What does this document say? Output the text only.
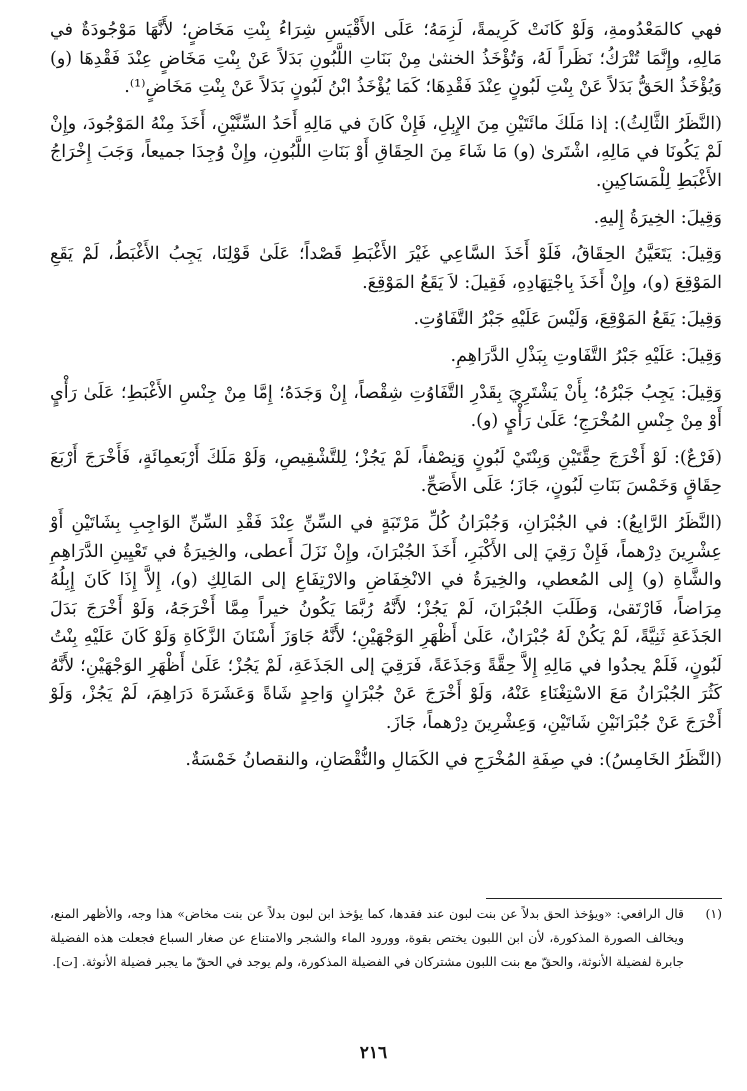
فهي كالمَعْدُومةِ، وَلَوْ كَانَتْ كَرِيمةً، لَزِمَهُ؛ عَلَى الأَقْيَسِ شِرَاءُ بِنْتِ مَخَاضٍ؛ لأَنَّهَا مَوْجُودَةٌ في مَالِهِ، وإِنَّمَا تُتْرَكُ؛ نَظَراً لَهُ، وَتُؤْخَذُ الخنثىٰ مِنْ بَنَاتِ اللَّبُونِ بَدَلاً عَنْ بِنْتِ مَخَاضٍ عِنْدَ فَقْدِهَا (و) وَيُؤْخَذُ الحَقُّ بَدَلاً عَنْ بِنْتِ لَبُونٍ عِنْدَ فَقْدِهَا؛ كَمَا يُؤْخَذُ ابْنُ لَبُونٍ بَدَلاً عَنْ بِنْتِ مَخَاضٍ⁽¹⁾.

(النَّظَرُ الثَّالِثُ): إذا مَلَكَ مائَتَيْنِ مِنَ الإِبِلِ، فَإِنْ كَانَ في مَالِهِ أَحَدُ السِّنَّيْنِ، أَخَذَ مِنْهُ المَوْجُودَ، وإِنْ لَمْ يَكُونَا في مَالِهِ، اشْتَرىٰ (و) مَا شَاءَ مِنَ الحِقَاقِ أَوْ بَنَاتِ اللَّبُونِ، وإِنْ وُجِدَا جميعاً، وَجَبَ إِخْرَاجُ الأَغْبَطِ لِلْمَسَاكِينِ.

وَقِيلَ: الخِيرَةُ إِليهِ.

وَقِيلَ: يَتَعَيَّنُ الحِقَاقُ، فَلَوْ أَخَذَ السَّاعِي غَيْرَ الأَغْبَطِ قَصْداً؛ عَلَىٰ قَوْلِنَا، يَجِبُ الأَغْبَطُ، لَمْ يَقَعِ المَوْقِعَ (و)، وإِنْ أَخَذَ بِاجْتِهَادِهِ، فَقِيلَ: لاَ يَقَعُ المَوْقِعَ.

وَقِيلَ: يَقَعُ المَوْقِعَ، وَلَيْسَ عَلَيْهِ جَبْرُ التَّفَاوُتِ.

وَقِيلَ: عَلَيْهِ جَبْرُ التَّفَاوتِ بِبَذْلِ الدَّرَاهِمِ.

وَقِيلَ: يَجِبُ جَبْرُهُ؛ بِأَنْ يَشْتَرِيَ بِقَدْرِ التَّفَاوُتِ شِقْصاً، إِنْ وَجَدَهُ؛ إِمَّا مِنْ جِنْسِ الأَغْبَطِ؛ عَلَىٰ رَأْيٍ أَوْ مِنْ جِنْسِ المُخْرَجِ؛ عَلَىٰ رَأْيٍ (و).

(فَرْعٌ): لَوْ أَخْرَجَ حِقَّتَيْنِ وَبِنْتَيْ لَبُونٍ وَنِصْفاً، لَمْ يَجُزْ؛ لِلتَّشْقِيصِ، وَلَوْ مَلَكَ أَرْبَعمِائَةٍ، فَأَخْرَجَ أَرْبَعَ حِقَاقٍ وَخَمْسَ بَنَاتِ لَبُونٍ، جَازَ؛ عَلَى الأَصَحِّ.

(النَّظَرُ الرَّابِعُ): في الجُبْرَانِ، وَجُبْرَانُ كُلِّ مَرْتَبَةٍ في السِّنِّ عِنْدَ فَقْدِ السِّنِّ الوَاجِبِ بِشَاتَيْنِ أَوْ عِشْرِينَ دِرْهماً، فَإِنْ رَقِيَ إلى الأَكْبَرِ، أَخَذَ الجُبْرَانَ، وإِنْ نَزَلَ أَعطى، والخِيرَةُ في تَعْيِينِ الدَّرَاهِمِ والشَّاةِ (و) إِلى المُعطي، والخِيرَةُ في الانْخِفَاضِ والارْتِفَاعِ إلى المَالِكِ (و)، إِلاَّ إِذَا كَانَ إِبِلُهُ مِرَاضاً، فَارْتَقىٰ، وَطَلَبَ الجُبْرَانَ، لَمْ يَجُزْ؛ لأَنَّهُ رُبَّمَا يَكُونُ خيراً مِمَّا أَخْرَجَهُ، وَلَوْ أَخْرَجَ بَدَلَ الجَذَعَةِ ثَنِيَّةً، لَمْ يَكُنْ لَهُ جُبْرَانٌ، عَلَىٰ أَظْهَرِ الوَجْهَيْنِ؛ لأَنَّهُ جَاوَزَ أَسْنَانَ الزَّكَاةِ وَلَوْ كَانَ عَلَيْهِ بِنْتُ لَبُونٍ، فَلَمْ يجدُوا في مَالِهِ إِلاَّ حِقَّةً وَجَذَعَةً، فَرَقِيَ إلى الجَذَعَةِ، لَمْ يَجُزْ؛ عَلَىٰ أَظْهَرِ الوَجْهَيْنِ؛ لأَنَّهُ كَثُرَ الجُبْرَانُ مَعَ الاسْتِغْنَاءِ عَنْهُ، وَلَوْ أَخْرَجَ عَنْ جُبْرَانٍ وَاحِدٍ شَاةً وَعَشَرَةَ دَرَاهِمَ، لَمْ يَجُزْ، وَلَوْ أَخْرَجَ عَنْ جُبْرَانَيْنِ شَاتَيْنِ، وَعِشْرِينَ دِرْهماً، جَازَ.

(النَّظَرُ الخَامِسُ): في صِفَةِ المُخْرَجِ في الكَمَالِ والنُّقْصَانِ، والنقصانُ خَمْسَةٌ.

(١)
قال الرافعي: «ويؤخذ الحق بدلاً عن بنت لبون عند فقدها، كما يؤخذ ابن لبون بدلاً عن بنت مخاض» هذا وجه، والأظهر المنع، ويخالف الصورة المذكورة، لأن ابن اللبون يختص بقوة، وورود الماء والشجر والامتناع عن صغار السباع فجعلت هذه الفضيلة جابرة لفضيلة الأنوثة، والحقّ مع بنت اللبون مشتركان في الفضيلة المذكورة، ولم يوجد في الحقّ ما يجبر فضيلة الأنوثة. [ت].
٢١٦
